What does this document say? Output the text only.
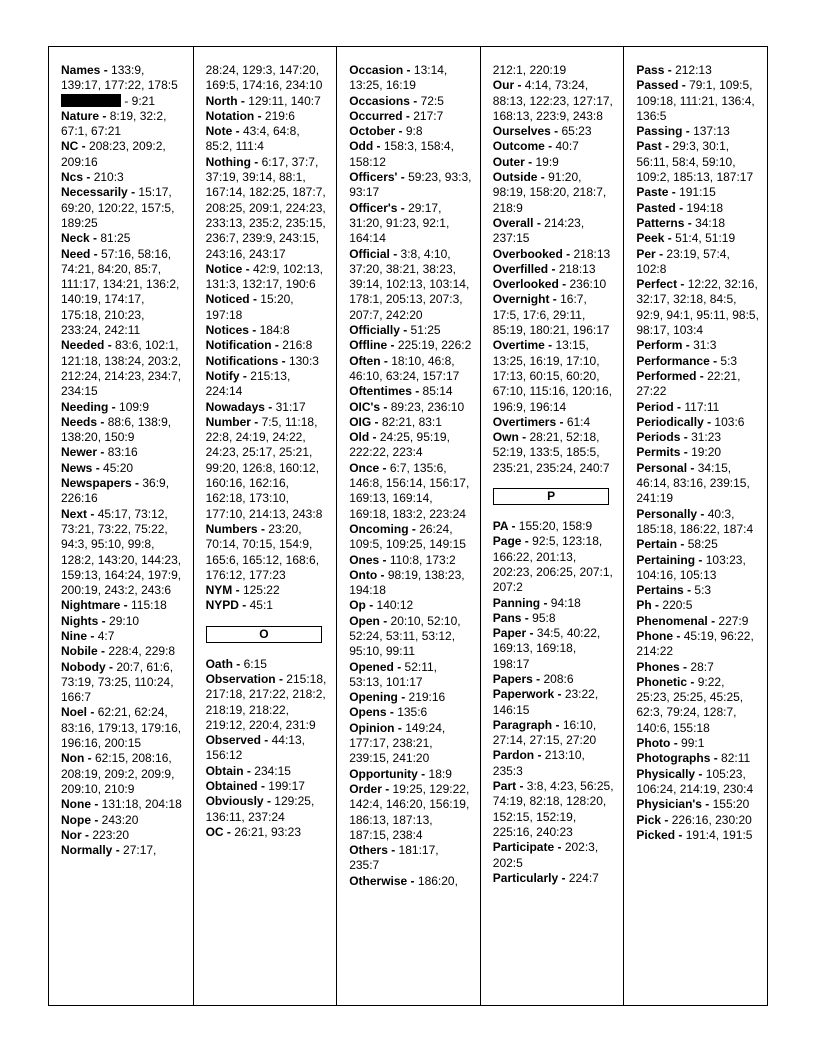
Names - 133:9, 139:17, 177:22, 178:5
- 9:21
Nature - 8:19, 32:2, 67:1, 67:21
NC - 208:23, 209:2, 209:16
Ncs - 210:3
Necessarily - 15:17, 69:20, 120:22, 157:5, 189:25
Neck - 81:25
Need - 57:16, 58:16, 74:21, 84:20, 85:7, 111:17, 134:21, 136:2, 140:19, 174:17, 175:18, 210:23, 233:24, 242:11
Needed - 83:6, 102:1, 121:18, 138:24, 203:2, 212:24, 214:23, 234:7, 234:15
Needing - 109:9
Needs - 88:6, 138:9, 138:20, 150:9
Newer - 83:16
News - 45:20
Newspapers - 36:9, 226:16
Next - 45:17, 73:12, 73:21, 73:22, 75:22, 94:3, 95:10, 99:8, 128:2, 143:20, 144:23, 159:13, 164:24, 197:9, 200:19, 243:2, 243:6
Nightmare - 115:18
Nights - 29:10
Nine - 4:7
Nobile - 228:4, 229:8
Nobody - 20:7, 61:6, 73:19, 73:25, 110:24, 166:7
Noel - 62:21, 62:24, 83:16, 179:13, 179:16, 196:16, 200:15
Non - 62:15, 208:16, 208:19, 209:2, 209:9, 209:10, 210:9
None - 131:18, 204:18
Nope - 243:20
Nor - 223:20
Normally - 27:17,
28:24, 129:3, 147:20, 169:5, 174:16, 234:10
North - 129:11, 140:7
Notation - 219:6
Note - 43:4, 64:8, 85:2, 111:4
Nothing - 6:17, 37:7, 37:19, 39:14, 88:1, 167:14, 182:25, 187:7, 208:25, 209:1, 224:23, 233:13, 235:2, 235:15, 236:7, 239:9, 243:15, 243:16, 243:17
Notice - 42:9, 102:13, 131:3, 132:17, 190:6
Noticed - 15:20, 197:18
Notices - 184:8
Notification - 216:8
Notifications - 130:3
Notify - 215:13, 224:14
Nowadays - 31:17
Number - 7:5, 11:18, 22:8, 24:19, 24:22, 24:23, 25:17, 25:21, 99:20, 126:8, 160:12, 160:16, 162:16, 162:18, 173:10, 177:10, 214:13, 243:8
Numbers - 23:20, 70:14, 70:15, 154:9, 165:6, 165:12, 168:6, 176:12, 177:23
NYM - 125:22
NYPD - 45:1
O
Oath - 6:15
Observation - 215:18, 217:18, 217:22, 218:2, 218:19, 218:22, 219:12, 220:4, 231:9
Observed - 44:13, 156:12
Obtain - 234:15
Obtained - 199:17
Obviously - 129:25, 136:11, 237:24
OC - 26:21, 93:23
Occasion - 13:14, 13:25, 16:19
Occasions - 72:5
Occurred - 217:7
October - 9:8
Odd - 158:3, 158:4, 158:12
Officers' - 59:23, 93:3, 93:17
Officer's - 29:17, 31:20, 91:23, 92:1, 164:14
Official - 3:8, 4:10, 37:20, 38:21, 38:23, 39:14, 102:13, 103:14, 178:1, 205:13, 207:3, 207:7, 242:20
Officially - 51:25
Offline - 225:19, 226:2
Often - 18:10, 46:8, 46:10, 63:24, 157:17
Oftentimes - 85:14
OIC's - 89:23, 236:10
OIG - 82:21, 83:1
Old - 24:25, 95:19, 222:22, 223:4
Once - 6:7, 135:6, 146:8, 156:14, 156:17, 169:13, 169:14, 169:18, 183:2, 223:24
Oncoming - 26:24, 109:5, 109:25, 149:15
Ones - 110:8, 173:2
Onto - 98:19, 138:23, 194:18
Op - 140:12
Open - 20:10, 52:10, 52:24, 53:11, 53:12, 95:10, 99:11
Opened - 52:11, 53:13, 101:17
Opening - 219:16
Opens - 135:6
Opinion - 149:24, 177:17, 238:21, 239:15, 241:20
Opportunity - 18:9
Order - 19:25, 129:22, 142:4, 146:20, 156:19, 186:13, 187:13, 187:15, 238:4
Others - 181:17, 235:7
Otherwise - 186:20,
212:1, 220:19
Our - 4:14, 73:24, 88:13, 122:23, 127:17, 168:13, 223:9, 243:8
Ourselves - 65:23
Outcome - 40:7
Outer - 19:9
Outside - 91:20, 98:19, 158:20, 218:7, 218:9
Overall - 214:23, 237:15
Overbooked - 218:13
Overfilled - 218:13
Overlooked - 236:10
Overnight - 16:7, 17:5, 17:6, 29:11, 85:19, 180:21, 196:17
Overtime - 13:15, 13:25, 16:19, 17:10, 17:13, 60:15, 60:20, 67:10, 115:16, 120:16, 196:9, 196:14
Overtimers - 61:4
Own - 28:21, 52:18, 52:19, 133:5, 185:5, 235:21, 235:24, 240:7
P
PA - 155:20, 158:9
Page - 92:5, 123:18, 166:22, 201:13, 202:23, 206:25, 207:1, 207:2
Panning - 94:18
Pans - 95:8
Paper - 34:5, 40:22, 169:13, 169:18, 198:17
Papers - 208:6
Paperwork - 23:22, 146:15
Paragraph - 16:10, 27:14, 27:15, 27:20
Pardon - 213:10, 235:3
Part - 3:8, 4:23, 56:25, 74:19, 82:18, 128:20, 152:15, 152:19, 225:16, 240:23
Participate - 202:3, 202:5
Particularly - 224:7
Pass - 212:13
Passed - 79:1, 109:5, 109:18, 111:21, 136:4, 136:5
Passing - 137:13
Past - 29:3, 30:1, 56:11, 58:4, 59:10, 109:2, 185:13, 187:17
Paste - 191:15
Pasted - 194:18
Patterns - 34:18
Peek - 51:4, 51:19
Per - 23:19, 57:4, 102:8
Perfect - 12:22, 32:16, 32:17, 32:18, 84:5, 92:9, 94:1, 95:11, 98:5, 98:17, 103:4
Perform - 31:3
Performance - 5:3
Performed - 22:21, 27:22
Period - 117:11
Periodically - 103:6
Periods - 31:23
Permits - 19:20
Personal - 34:15, 46:14, 83:16, 239:15, 241:19
Personally - 40:3, 185:18, 186:22, 187:4
Pertain - 58:25
Pertaining - 103:23, 104:16, 105:13
Pertains - 5:3
Ph - 220:5
Phenomenal - 227:9
Phone - 45:19, 96:22, 214:22
Phones - 28:7
Phonetic - 9:22, 25:23, 25:25, 45:25, 62:3, 79:24, 128:7, 140:6, 155:18
Photo - 99:1
Photographs - 82:11
Physically - 105:23, 106:24, 214:19, 230:4
Physician's - 155:20
Pick - 226:16, 230:20
Picked - 191:4, 191:5
